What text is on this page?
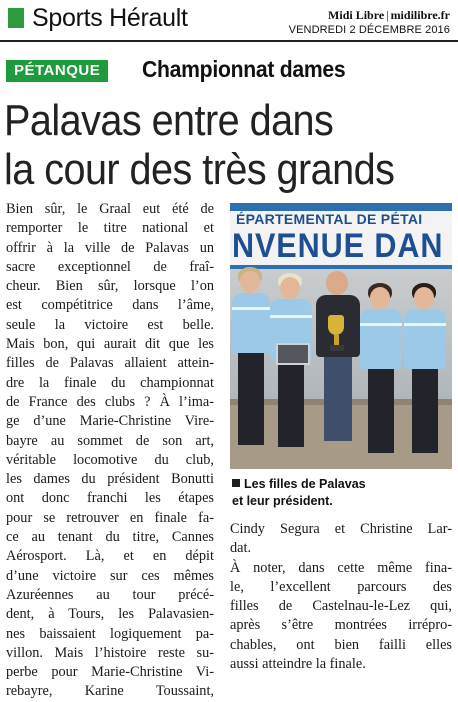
Sports Hérault	Midi Libre | midilibre.fr
VENDREDI 2 DÉCEMBRE 2016
PÉTANQUE	Championnat dames
Palavas entre dans
la cour des très grands
Bien sûr, le Graal eut été de
remporter le titre national et
offrir à la ville de Palavas un
sacre exceptionnel de fraî-
cheur. Bien sûr, lorsque l’on
est compétitrice dans l’âme,
seule la victoire est belle.
Mais bon, qui aurait dit que les
filles de Palavas allaient attein-
dre la finale du championnat
de France des clubs ? À l’ima-
ge d’une Marie-Christine Vire-
bayre au sommet de son art,
véritable locomotive du club,
les dames du président Bonutti
ont donc franchi les étapes
pour se retrouver en finale fa-
ce au tenant du titre, Cannes
Aérosport. Là, et en dépit
d’une victoire sur ces mêmes
Azuréennes au tour précé-
dent, à Tours, les Palavasien-
nes baissaient logiquement pa-
villon. Mais l’histoire reste su-
perbe pour Marie-Christine Vi-
rebayre, Karine Toussaint,
ÉPARTEMENTAL DE PÉTAI
NVENUE DAN
Les filles de Palavas
et leur président.
Cindy Segura et Christine Lar-
dat.
À noter, dans cette même fina-
le, l’excellent parcours des
filles de Castelnau-le-Lez qui,
après s’être montrées irrépro-
chables, ont bien failli elles
aussi atteindre la finale.
